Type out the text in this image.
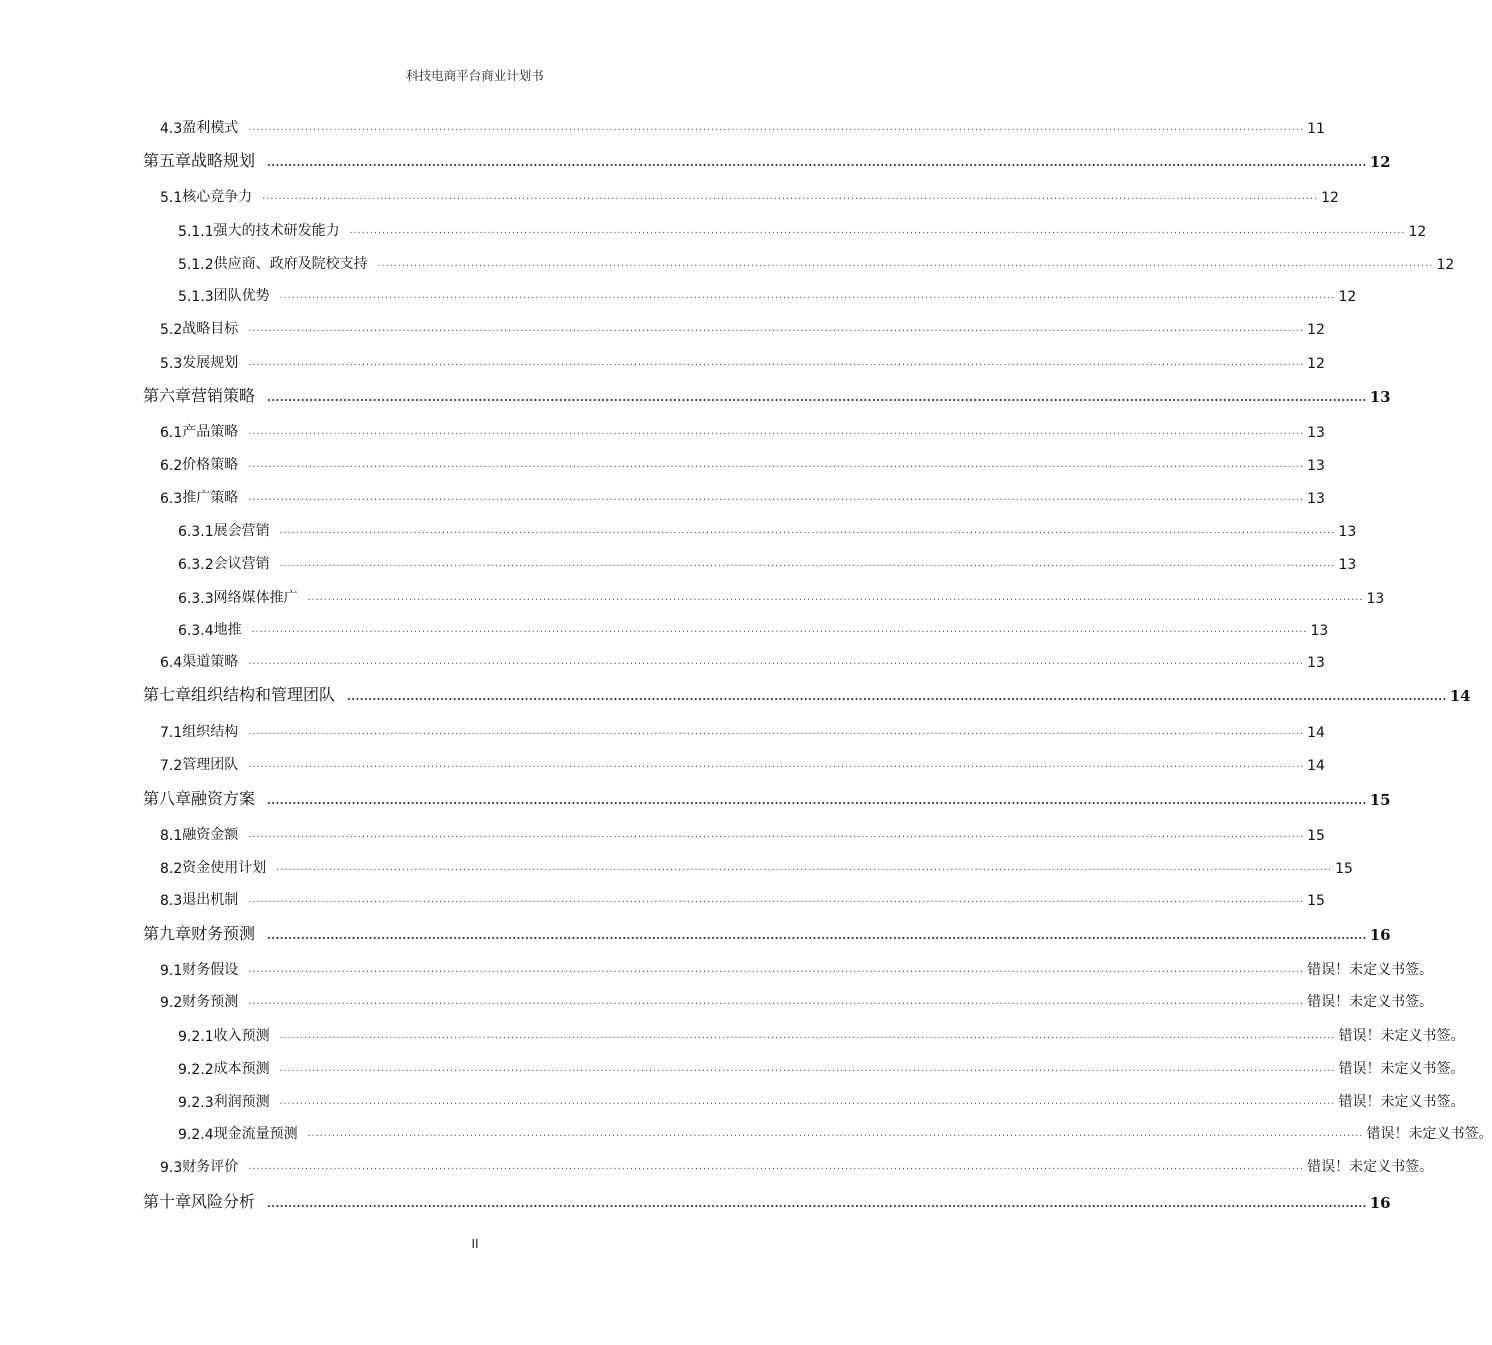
科技电商平台商业计划书
4.3 盈利模式 .................................................................................................................................................................................................................................................................... 11
第五章 战略规划 .................................................................................................................................................................................................................................................................... 12
5.1 核心竞争力 .................................................................................................................................................................................................................................................................... 12
5.1.1 强大的技术研发能力 .................................................................................................................................................................................................................................................................... 12
5.1.2 供应商、政府及院校支持 .................................................................................................................................................................................................................................................................... 12
5.1.3 团队优势 .................................................................................................................................................................................................................................................................... 12
5.2 战略目标 .................................................................................................................................................................................................................................................................... 12
5.3 发展规划 .................................................................................................................................................................................................................................................................... 12
第六章 营销策略 .................................................................................................................................................................................................................................................................... 13
6.1 产品策略 .................................................................................................................................................................................................................................................................... 13
6.2 价格策略 .................................................................................................................................................................................................................................................................... 13
6.3 推广策略 .................................................................................................................................................................................................................................................................... 13
6.3.1 展会营销 .................................................................................................................................................................................................................................................................... 13
6.3.2 会议营销 .................................................................................................................................................................................................................................................................... 13
6.3.3 网络媒体推广 .................................................................................................................................................................................................................................................................... 13
6.3.4 地推 .................................................................................................................................................................................................................................................................... 13
6.4 渠道策略 .................................................................................................................................................................................................................................................................... 13
第七章 组织结构和管理团队 .................................................................................................................................................................................................................................................................... 14
7.1 组织结构 .................................................................................................................................................................................................................................................................... 14
7.2 管理团队 .................................................................................................................................................................................................................................................................... 14
第八章 融资方案 .................................................................................................................................................................................................................................................................... 15
8.1 融资金额 .................................................................................................................................................................................................................................................................... 15
8.2 资金使用计划 .................................................................................................................................................................................................................................................................... 15
8.3 退出机制 .................................................................................................................................................................................................................................................................... 15
第九章 财务预测 .................................................................................................................................................................................................................................................................... 16
9.1 财务假设 .................................................................................................................................................................................................................................................................... 错误！未定义书签。
9.2 财务预测 .................................................................................................................................................................................................................................................................... 错误！未定义书签。
9.2.1 收入预测 .................................................................................................................................................................................................................................................................... 错误！未定义书签。
9.2.2 成本预测 .................................................................................................................................................................................................................................................................... 错误！未定义书签。
9.2.3 利润预测 .................................................................................................................................................................................................................................................................... 错误！未定义书签。
9.2.4 现金流量预测 .................................................................................................................................................................................................................................................................... 错误！未定义书签。
9.3 财务评价 .................................................................................................................................................................................................................................................................... 错误！未定义书签。
第十章 风险分析 .................................................................................................................................................................................................................................................................... 16
II
